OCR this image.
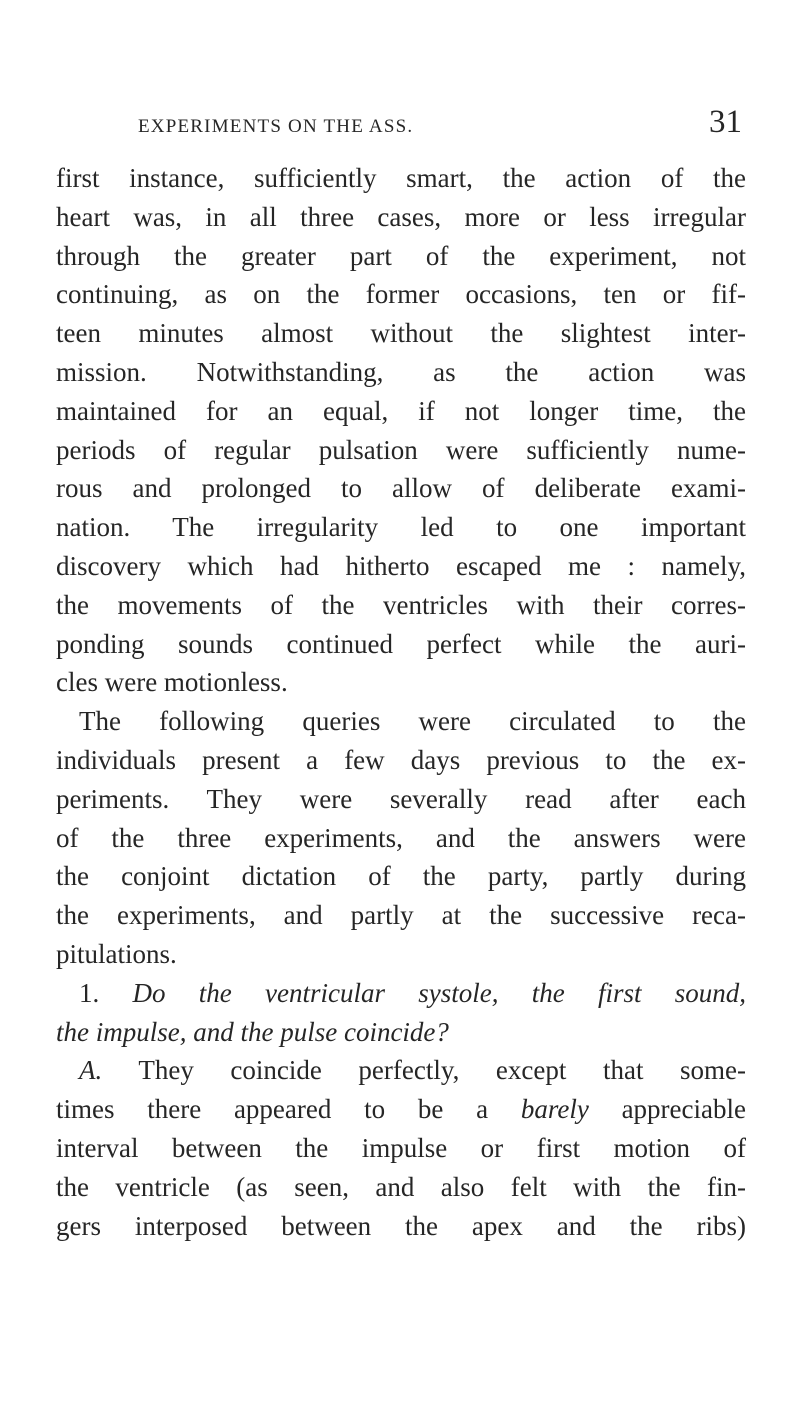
EXPERIMENTS ON THE ASS.	31
first instance, sufficiently smart, the action of the
heart was, in all three cases, more or less irregular
through the greater part of the experiment, not
continuing, as on the former occasions, ten or fif-
teen minutes almost without the slightest inter-
mission. Notwithstanding, as the action was
maintained for an equal, if not longer time, the
periods of regular pulsation were sufficiently nume-
rous and prolonged to allow of deliberate exami-
nation. The irregularity led to one important
discovery which had hitherto escaped me : namely,
the movements of the ventricles with their corres-
ponding sounds continued perfect while the auri-
cles were motionless.
The following queries were circulated to the
individuals present a few days previous to the ex-
periments. They were severally read after each
of the three experiments, and the answers were
the conjoint dictation of the party, partly during
the experiments, and partly at the successive reca-
pitulations.
1. Do the ventricular systole, the first sound,
the impulse, and the pulse coincide?
A. They coincide perfectly, except that some-
times there appeared to be a barely appreciable
interval between the impulse or first motion of
the ventricle (as seen, and also felt with the fin-
gers interposed between the apex and the ribs)
